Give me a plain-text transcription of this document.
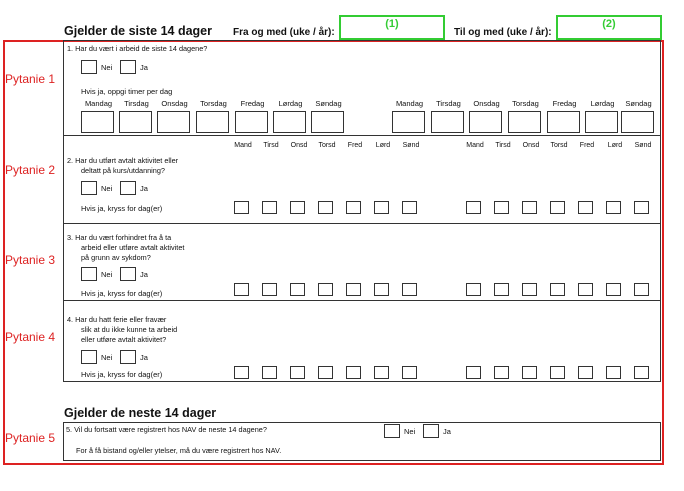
Gjelder de siste 14 dager Fra og med (uke / år):
(1)
Til og med (uke / år):
(2)
Pytanie 1
Pytanie 2
Pytanie 3
Pytanie 4
Pytanie 5
1. Har du vært i arbeid de siste 14 dagene?
Nei	Ja
Hvis ja, oppgi timer per dag
2. Har du utført avtalt aktivitet eller
deltatt på kurs/utdanning?
Nei	Ja
Hvis ja, kryss for dag(er)
3. Har du vært forhindret fra å ta
arbeid eller utføre avtalt aktivitet
på grunn av sykdom?
Nei	Ja
Hvis ja, kryss for dag(er)
4. Har du hatt ferie eller fravær
slik at du ikke kunne ta arbeid
eller utføre avtalt aktivitet?
Nei	Ja
Hvis ja, kryss for dag(er)
Gjelder de neste 14 dager
5. Vil du fortsatt være registrert hos NAV de neste 14 dagene?	Nei	Ja
For å få bistand og/eller ytelser, må du være registrert hos NAV.
Mandag	Tirsdag	Onsdag	Torsdag	Fredag	Lørdag	Søndag	Mandag	Tirsdag	Onsdag	Torsdag	Fredag	Lørdag	Søndag
Mand	Tirsd	Onsd	Torsd	Fred	Lørd	Sønd	Mand	Tirsd	Onsd	Torsd	Fred	Lørd	Sønd
